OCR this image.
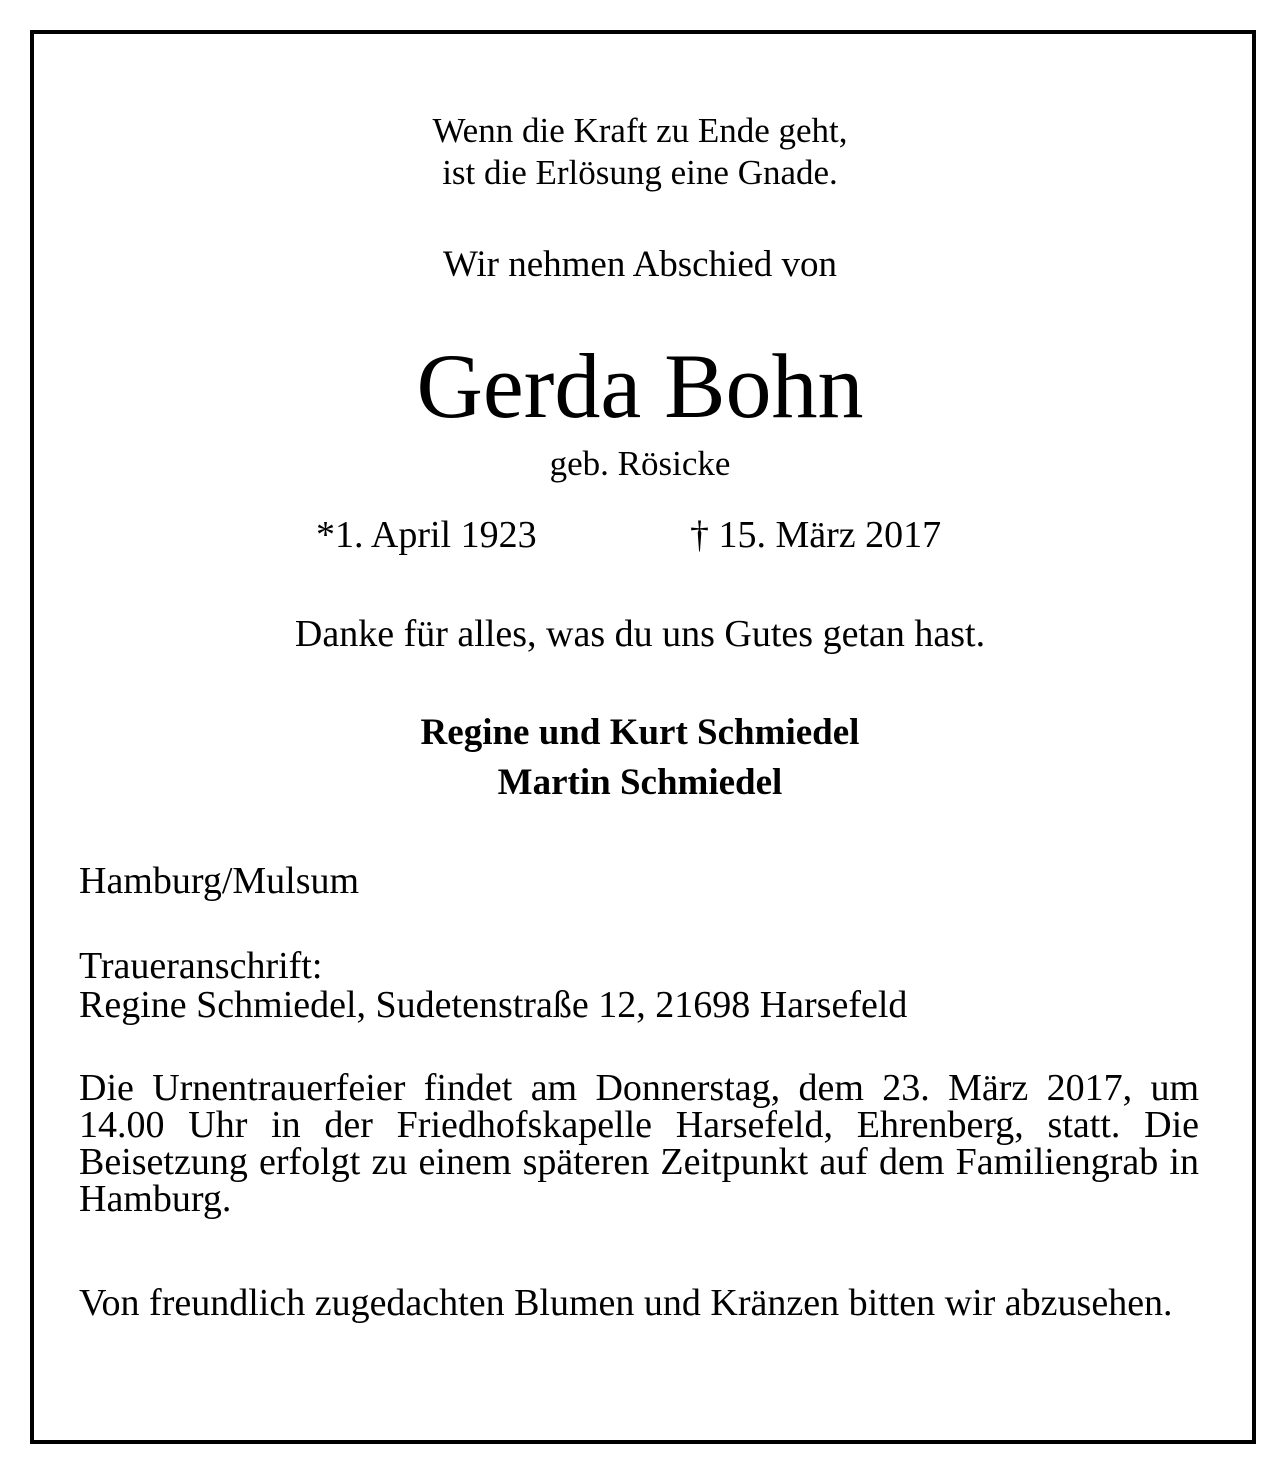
Wenn die Kraft zu Ende geht,
ist die Erlösung eine Gnade.
Wir nehmen Abschied von
Gerda Bohn
geb. Rösicke
*1. April 1923	† 15. März 2017
Danke für alles, was du uns Gutes getan hast.
Regine und Kurt Schmiedel
Martin Schmiedel
Hamburg/Mulsum
Traueranschrift:
Regine Schmiedel, Sudetenstraße 12, 21698 Harsefeld
Die Urnentrauerfeier findet am Donnerstag, dem 23. März 2017, um 14.00 Uhr in der Friedhofskapelle Harsefeld, Ehrenberg, statt. Die Beisetzung erfolgt zu einem späteren Zeitpunkt auf dem Familiengrab in Hamburg.
Von freundlich zugedachten Blumen und Kränzen bitten wir abzusehen.
